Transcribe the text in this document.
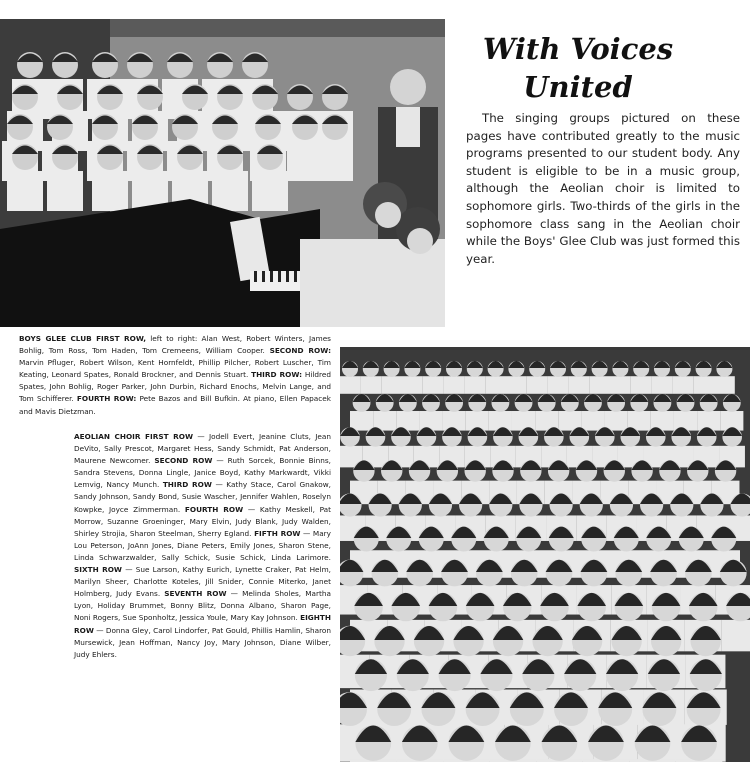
With Voices
United

The singing groups pictured on these pages have contributed greatly to the music programs presented to our student body. Any student is eligible to be in a music group, although the Aeolian choir is limited to sophomore girls. Two-thirds of the girls in the sophomore class sang in the Aeolian choir while the Boys' Glee Club was just formed this year.

BOYS GLEE CLUB FIRST ROW, left to right: Alan West, Robert Winters, James Bohlig, Tom Ross, Tom Haden, Tom Cremeens, William Cooper. SECOND ROW: Marvin Pfluger, Robert Wilson, Kent Hornfeldt, Phillip Pilcher, Robert Luscher, Tim Keating, Leonard Spates, Ronald Brockner, and Dennis Stuart. THIRD ROW: Hildred Spates, John Bohlig, Roger Parker, John Durbin, Richard Enochs, Melvin Lange, and Tom Schifferer. FOURTH ROW: Pete Bazos and Bill Bufkin. At piano, Ellen Papacek and Mavis Dietzman.

AEOLIAN CHOIR FIRST ROW — Jodell Evert, Jeanine Cluts, Jean DeVito, Sally Prescot, Margaret Hess, Sandy Schmidt, Pat Anderson, Maurene Newcomer. SECOND ROW — Ruth Sorcek, Bonnie Binns, Sandra Stevens, Donna Lingle, Janice Boyd, Kathy Markwardt, Vikki Lemvig, Nancy Munch. THIRD ROW — Kathy Stace, Carol Gnakow, Sandy Johnson, Sandy Bond, Susie Wascher, Jennifer Wahlen, Roselyn Kowpke, Joyce Zimmerman. FOURTH ROW — Kathy Meskell, Pat Morrow, Suzanne Groeninger, Mary Elvin, Judy Blank, Judy Walden, Shirley Strojia, Sharon Steelman, Sherry Egland. FIFTH ROW — Mary Lou Peterson, JoAnn Jones, Diane Peters, Emily Jones, Sharon Stene, Linda Schwarzwalder, Sally Schick, Susie Schick, Linda Larimore. SIXTH ROW — Sue Larson, Kathy Eurich, Lynette Craker, Pat Helm, Marilyn Sheer, Charlotte Koteles, Jill Snider, Connie Miterko, Janet Holmberg, Judy Evans. SEVENTH ROW — Melinda Sholes, Martha Lyon, Holiday Brummet, Bonny Blitz, Donna Albano, Sharon Page, Noni Rogers, Sue Sponholtz, Jessica Youle, Mary Kay Johnson. EIGHTH ROW — Donna Gley, Carol Lindorfer, Pat Gould, Phillis Hamlin, Sharon Mursewick, Jean Hoffman, Nancy Joy, Mary Johnson, Diane Wilber, Judy Ehlers.
